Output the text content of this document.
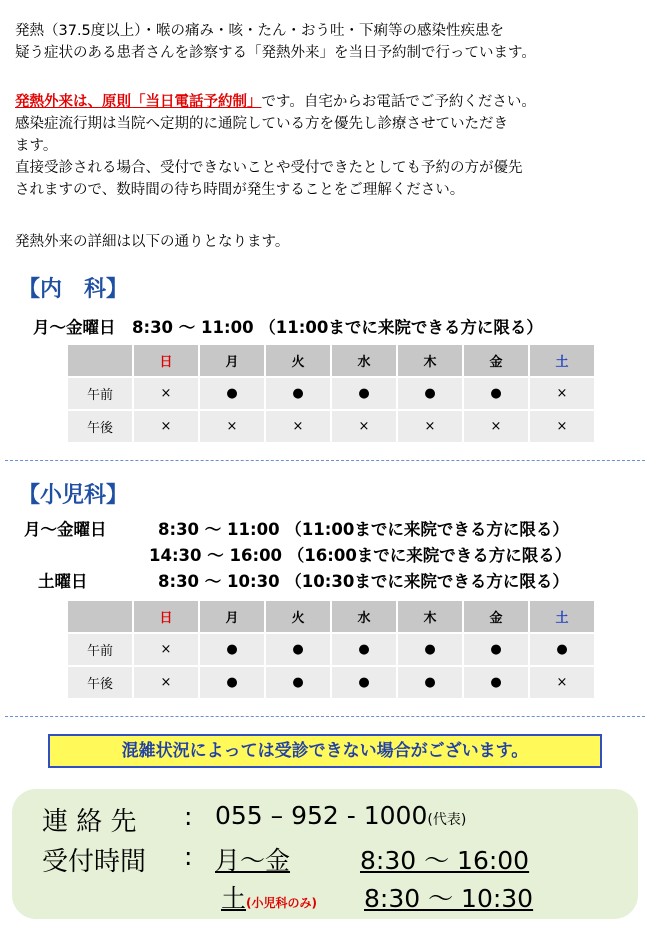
発熱（37.5度以上）・喉の痛み・咳・たん・おう吐・下痢等の感染性疾患を

疑う症状のある患者さんを診察する「発熱外来」を当日予約制で行っています。

発熱外来は、原則「当日電話予約制」です。自宅からお電話でご予約ください。

感染症流行期は当院へ定期的に通院している方を優先し診療させていただき

ます。

直接受診される場合、受付できないことや受付できたとしても予約の方が優先

されますので、数時間の待ち時間が発生することをご理解ください。

発熱外来の詳細は以下の通りとなります。
【内　科】
月～金曜日　8:30 ～ 11:00 （11:00までに来院できる方に限る）
	日	月	火	水	木	金	土
午前	×	●	●	●	●	●	×
午後	×	×	×	×	×	×	×
【小児科】
月～金曜日	8:30 ～ 11:00 （11:00までに来院できる方に限る）
14:30 ～ 16:00 （16:00までに来院できる方に限る）
土曜日	8:30 ～ 10:30 （10:30までに来院できる方に限る）
	日	月	火	水	木	金	土
午前	×	●	●	●	●	●	●
午後	×	●	●	●	●	●	×
混雑状況によっては受診できない場合がございます。
連 絡 先 : 055 – 952 - 1000(代表)
受付時間 : 月～金	8:30 ～ 16:00
土(小児科のみ) 8:30 ～ 10:30
